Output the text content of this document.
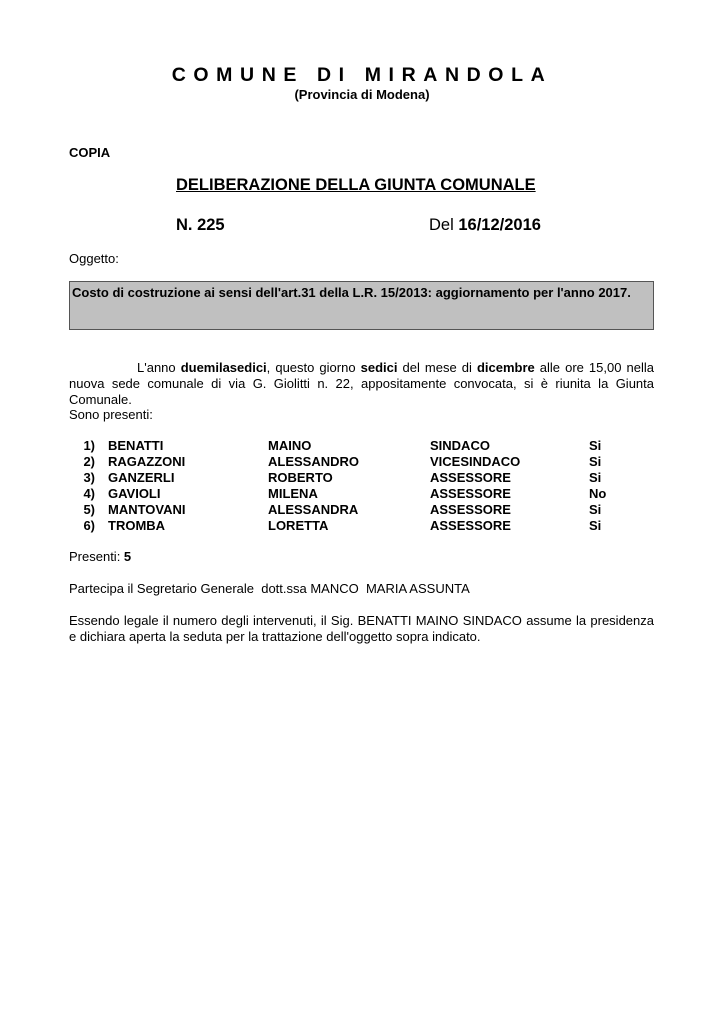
COMUNE DI MIRANDOLA
(Provincia di Modena)
COPIA
DELIBERAZIONE DELLA GIUNTA COMUNALE
N. 225	Del 16/12/2016
Oggetto:
Costo di costruzione ai sensi dell'art.31 della L.R. 15/2013: aggiornamento per l'anno 2017.
L'anno duemilasedici, questo giorno sedici del mese di dicembre alle ore 15,00 nella nuova sede comunale di via G. Giolitti n. 22, appositamente convocata, si è riunita la Giunta Comunale.
Sono presenti:
1) BENATTI	MAINO	SINDACO	Si
2) RAGAZZONI	ALESSANDRO	VICESINDACO	Si
3) GANZERLI	ROBERTO	ASSESSORE	Si
4) GAVIOLI	MILENA	ASSESSORE	No
5) MANTOVANI	ALESSANDRA	ASSESSORE	Si
6) TROMBA	LORETTA	ASSESSORE	Si
Presenti: 5
Partecipa il Segretario Generale  dott.ssa MANCO  MARIA ASSUNTA
Essendo legale il numero degli intervenuti, il Sig. BENATTI MAINO SINDACO assume la presidenza e dichiara aperta la seduta per la trattazione dell'oggetto sopra indicato.
